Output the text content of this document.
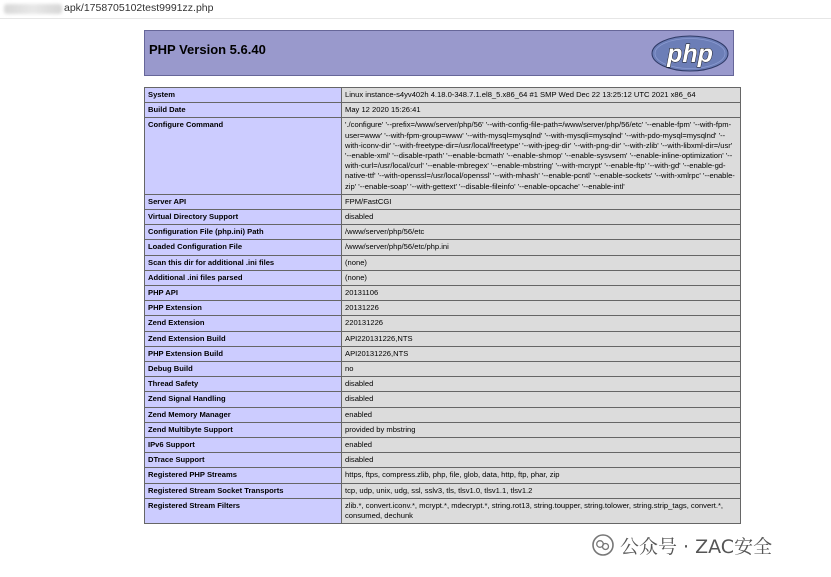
apk/1758705102test9991zz.php
PHP Version 5.6.40	php
System	Linux instance-s4yv402h 4.18.0-348.7.1.el8_5.x86_64 #1 SMP Wed Dec 22 13:25:12 UTC 2021 x86_64
Build Date	May 12 2020 15:26:41
Configure Command	'./configure' '--prefix=/www/server/php/56' '--with-config-file-path=/www/server/php/56/etc' '--enable-fpm' '--with-fpm-user=www' '--with-fpm-group=www' '--with-mysql=mysqlnd' '--with-mysqli=mysqlnd' '--with-pdo-mysql=mysqlnd' '--with-iconv-dir' '--with-freetype-dir=/usr/local/freetype' '--with-jpeg-dir' '--with-png-dir' '--with-zlib' '--with-libxml-dir=/usr' '--enable-xml' '--disable-rpath' '--enable-bcmath' '--enable-shmop' '--enable-sysvsem' '--enable-inline-optimization' '--with-curl=/usr/local/curl' '--enable-mbregex' '--enable-mbstring' '--with-mcrypt' '--enable-ftp' '--with-gd' '--enable-gd-native-ttf' '--with-openssl=/usr/local/openssl' '--with-mhash' '--enable-pcntl' '--enable-sockets' '--with-xmlrpc' '--enable-zip' '--enable-soap' '--with-gettext' '--disable-fileinfo' '--enable-opcache' '--enable-intl'
Server API	FPM/FastCGI
Virtual Directory Support	disabled
Configuration File (php.ini) Path	/www/server/php/56/etc
Loaded Configuration File	/www/server/php/56/etc/php.ini
Scan this dir for additional .ini files	(none)
Additional .ini files parsed	(none)
PHP API	20131106
PHP Extension	20131226
Zend Extension	220131226
Zend Extension Build	API220131226,NTS
PHP Extension Build	API20131226,NTS
Debug Build	no
Thread Safety	disabled
Zend Signal Handling	disabled
Zend Memory Manager	enabled
Zend Multibyte Support	provided by mbstring
IPv6 Support	enabled
DTrace Support	disabled
Registered PHP Streams	https, ftps, compress.zlib, php, file, glob, data, http, ftp, phar, zip
Registered Stream Socket Transports	tcp, udp, unix, udg, ssl, sslv3, tls, tlsv1.0, tlsv1.1, tlsv1.2
Registered Stream Filters	zlib.*, convert.iconv.*, mcrypt.*, mdecrypt.*, string.rot13, string.toupper, string.tolower, string.strip_tags, convert.*, consumed, dechunk
公众号 · ZAC安全
